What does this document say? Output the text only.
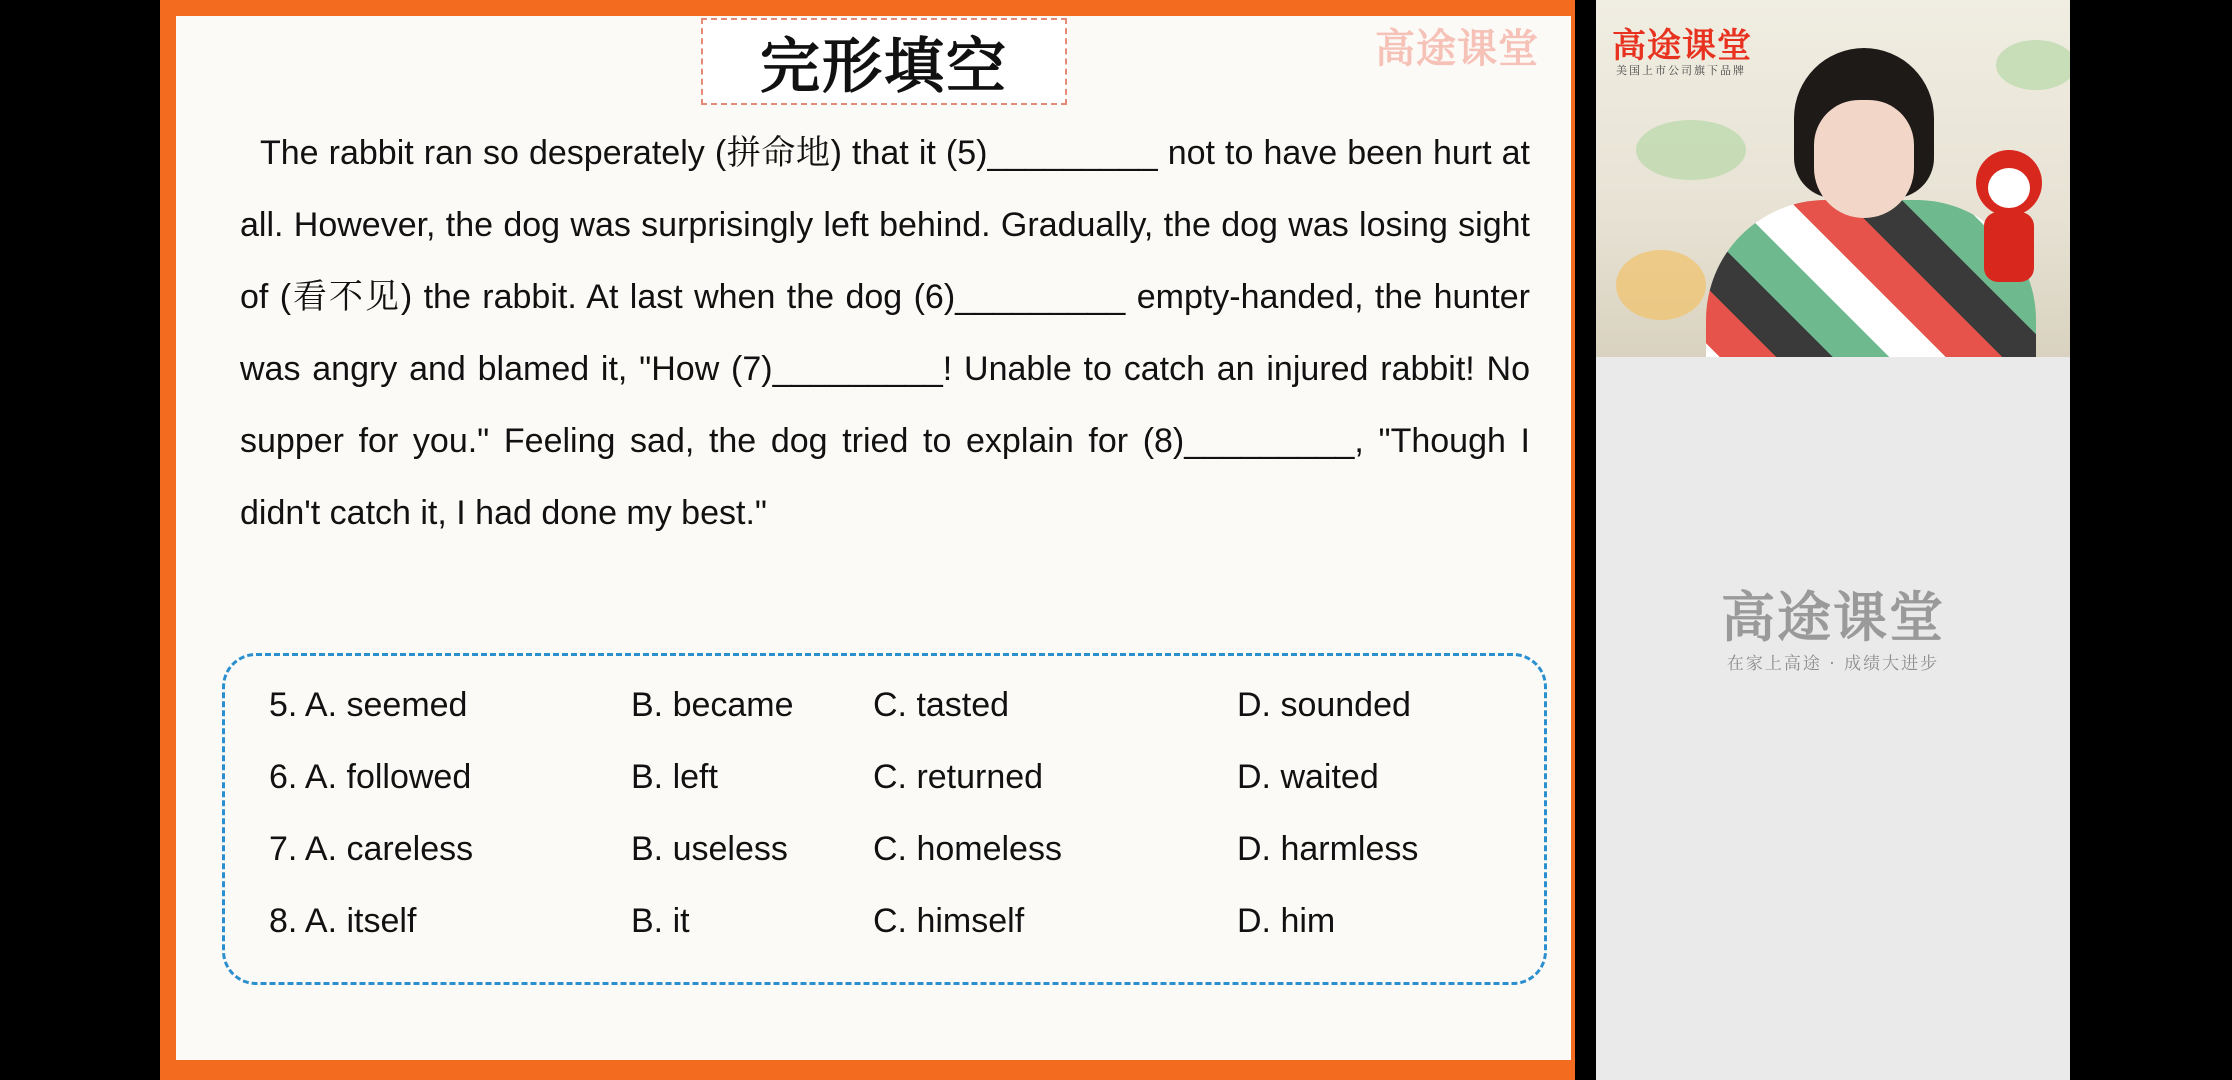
完形填空	高途课堂

The rabbit ran so desperately (拼命地) that it (5)_________ not to have been hurt at all. However, the dog was surprisingly left behind. Gradually, the dog was losing sight of (看不见) the rabbit. At last when the dog (6)_________ empty-handed, the hunter was angry and blamed it, "How (7)_________! Unable to catch an injured rabbit! No supper for you." Feeling sad, the dog tried to explain for (8)_________, "Though I didn't catch it, I had done my best."

5. A. seemed	B. became C. tasted	D. sounded
6. A. followed	B. left	C. returned	D. waited
7. A. careless	B. useless	C. homeless	D. harmless
8. A. itself	B. it	C. himself	D. him
高途课堂
美国上市公司旗下品牌
高途课堂
在家上高途 · 成绩大进步
